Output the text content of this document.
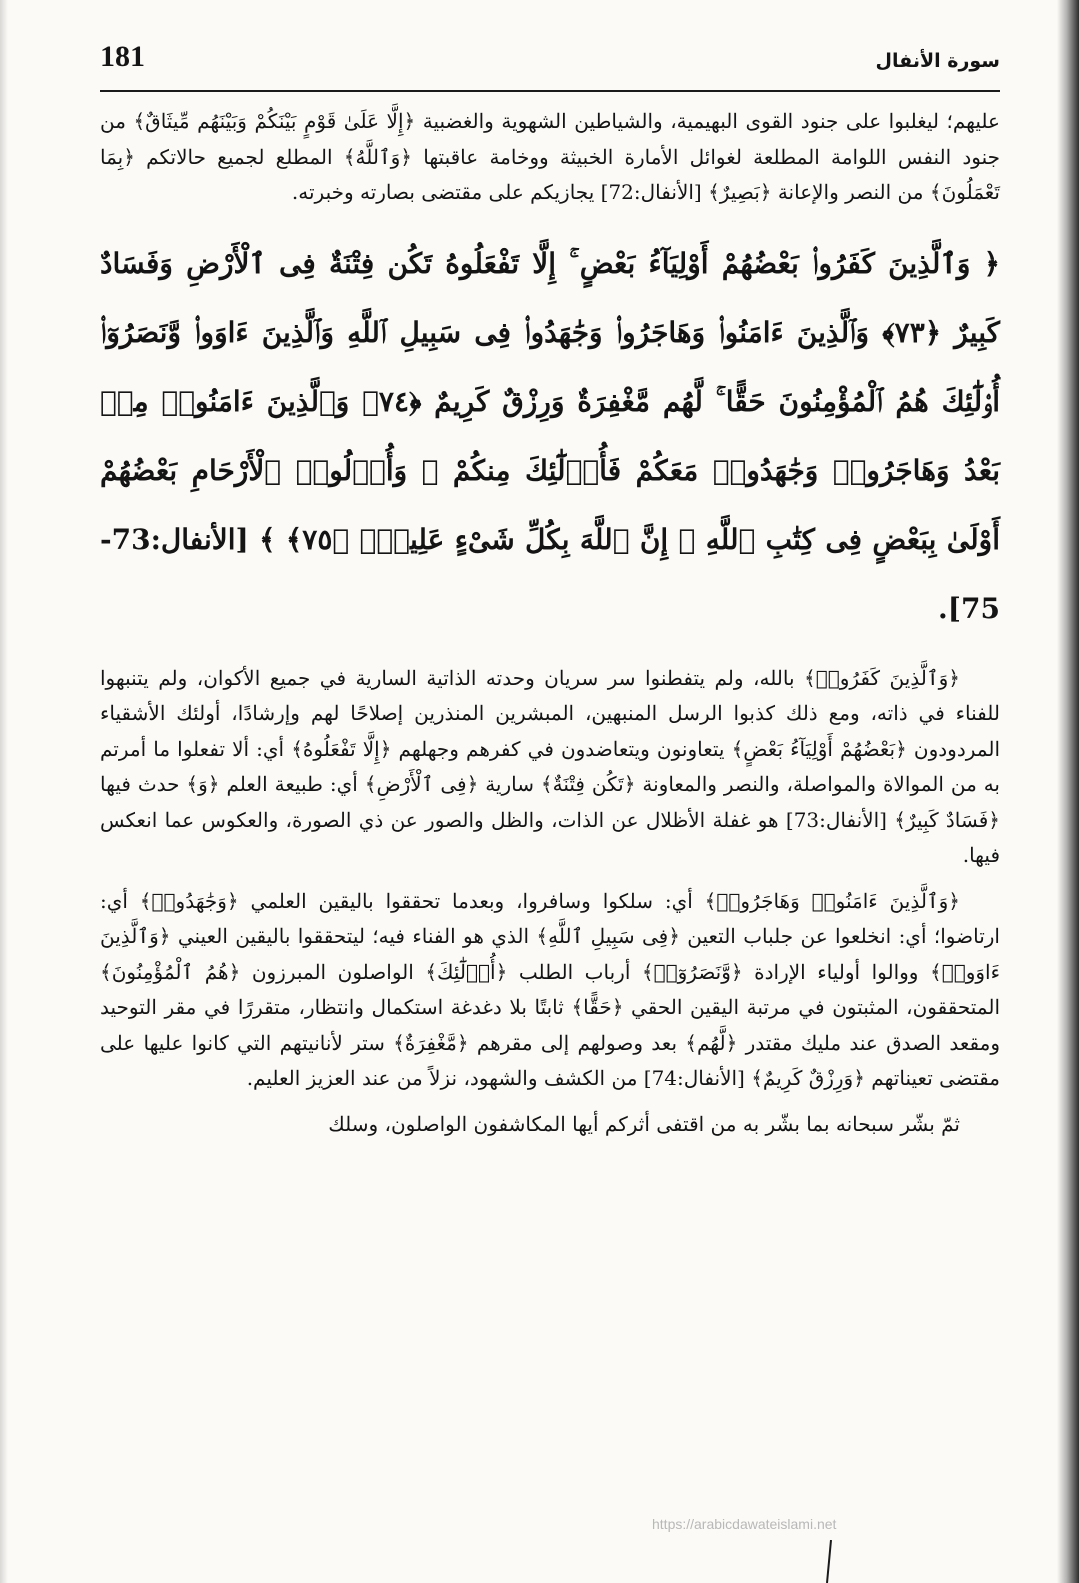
181	سورة الأنفال

عليهم؛ ليغلبوا على جنود القوى البهيمية، والشياطين الشهوية والغضبية ﴿إِلَّا عَلَىٰ قَوْمٍ بَيْنَكُمْ وَبَيْنَهُم مِّيثَاقٌ﴾ من جنود النفس اللوامة المطلعة لغوائل الأمارة الخبيثة ووخامة عاقبتها ﴿وَٱللَّهُ﴾ المطلع لجميع حالاتكم ﴿بِمَا تَعْمَلُونَ﴾ من النصر والإعانة ﴿بَصِيرٌ﴾ [الأنفال:72] يجازيكم على مقتضى بصارته وخبرته.

﴿ وَٱلَّذِينَ كَفَرُوا۟ بَعْضُهُمْ أَوْلِيَآءُ بَعْضٍ ۚ إِلَّا تَفْعَلُوهُ تَكُن فِتْنَةٌ فِى ٱلْأَرْضِ وَفَسَادٌ كَبِيرٌ ﴿٧٣﴾ وَٱلَّذِينَ ءَامَنُوا۟ وَهَاجَرُوا۟ وَجَٰهَدُوا۟ فِى سَبِيلِ ٱللَّهِ وَٱلَّذِينَ ءَاوَوا۟ وَّنَصَرُوٓا۟ أُو۟لَٰٓئِكَ هُمُ ٱلْمُؤْمِنُونَ حَقًّا ۚ لَّهُم مَّغْفِرَةٌ وَرِزْقٌ كَرِيمٌ ﴿٧٤﴾ وَٱلَّذِينَ ءَامَنُوا۟ مِنۢ بَعْدُ وَهَاجَرُوا۟ وَجَٰهَدُوا۟ مَعَكُمْ فَأُو۟لَٰٓئِكَ مِنكُمْ ۚ وَأُو۟لُوا۟ ٱلْأَرْحَامِ بَعْضُهُمْ أَوْلَىٰ بِبَعْضٍ فِى كِتَٰبِ ٱللَّهِ ۗ إِنَّ ٱللَّهَ بِكُلِّ شَىْءٍ عَلِيمٌۢ ﴿٧٥﴾ ﴾ [الأنفال:73-75].

﴿وَٱلَّذِينَ كَفَرُوا۟﴾ بالله، ولم يتفطنوا سر سريان وحدته الذاتية السارية في جميع الأكوان، ولم يتنبهوا للفناء في ذاته، ومع ذلك كذبوا الرسل المنبهين، المبشرين المنذرين إصلاحًا لهم وإرشادًا، أولئك الأشقياء المردودون ﴿بَعْضُهُمْ أَوْلِيَآءُ بَعْضٍ﴾ يتعاونون ويتعاضدون في كفرهم وجهلهم ﴿إِلَّا تَفْعَلُوهُ﴾ أي: ألا تفعلوا ما أمرتم به من الموالاة والمواصلة، والنصر والمعاونة ﴿تَكُن فِتْنَةٌ﴾ سارية ﴿فِى ٱلْأَرْضِ﴾ أي: طبيعة العلم ﴿وَ﴾ حدث فيها ﴿فَسَادٌ كَبِيرٌ﴾ [الأنفال:73] هو غفلة الأظلال عن الذات، والظل والصور عن ذي الصورة، والعكوس عما انعكس فيها.

﴿وَٱلَّذِينَ ءَامَنُوا۟ وَهَاجَرُوا۟﴾ أي: سلكوا وسافروا، وبعدما تحققوا باليقين العلمي ﴿وَجَٰهَدُوا۟﴾ أي: ارتاضوا؛ أي: انخلعوا عن جلباب التعين ﴿فِى سَبِيلِ ٱللَّهِ﴾ الذي هو الفناء فيه؛ ليتحققوا باليقين العيني ﴿وَٱلَّذِينَ ءَاوَوا۟﴾ ووالوا أولياء الإرادة ﴿وَّنَصَرُوٓا۟﴾ أرباب الطلب ﴿أُو۟لَٰٓئِكَ﴾ الواصلون المبرزون ﴿هُمُ ٱلْمُؤْمِنُونَ﴾ المتحققون، المثبتون في مرتبة اليقين الحقي ﴿حَقًّا﴾ ثابتًا بلا دغدغة استكمال وانتظار، متقررًا في مقر التوحيد ومقعد الصدق عند مليك مقتدر ﴿لَّهُم﴾ بعد وصولهم إلى مقرهم ﴿مَّغْفِرَةٌ﴾ ستر لأنانيتهم التي كانوا عليها على مقتضى تعيناتهم ﴿وَرِزْقٌ كَرِيمٌ﴾ [الأنفال:74] من الكشف والشهود، نزلاً من عند العزيز العليم.

ثمّ بشّر سبحانه بما بشّر به من اقتفى أثركم أيها المكاشفون الواصلون، وسلك

https://arabicdawateislami.net
